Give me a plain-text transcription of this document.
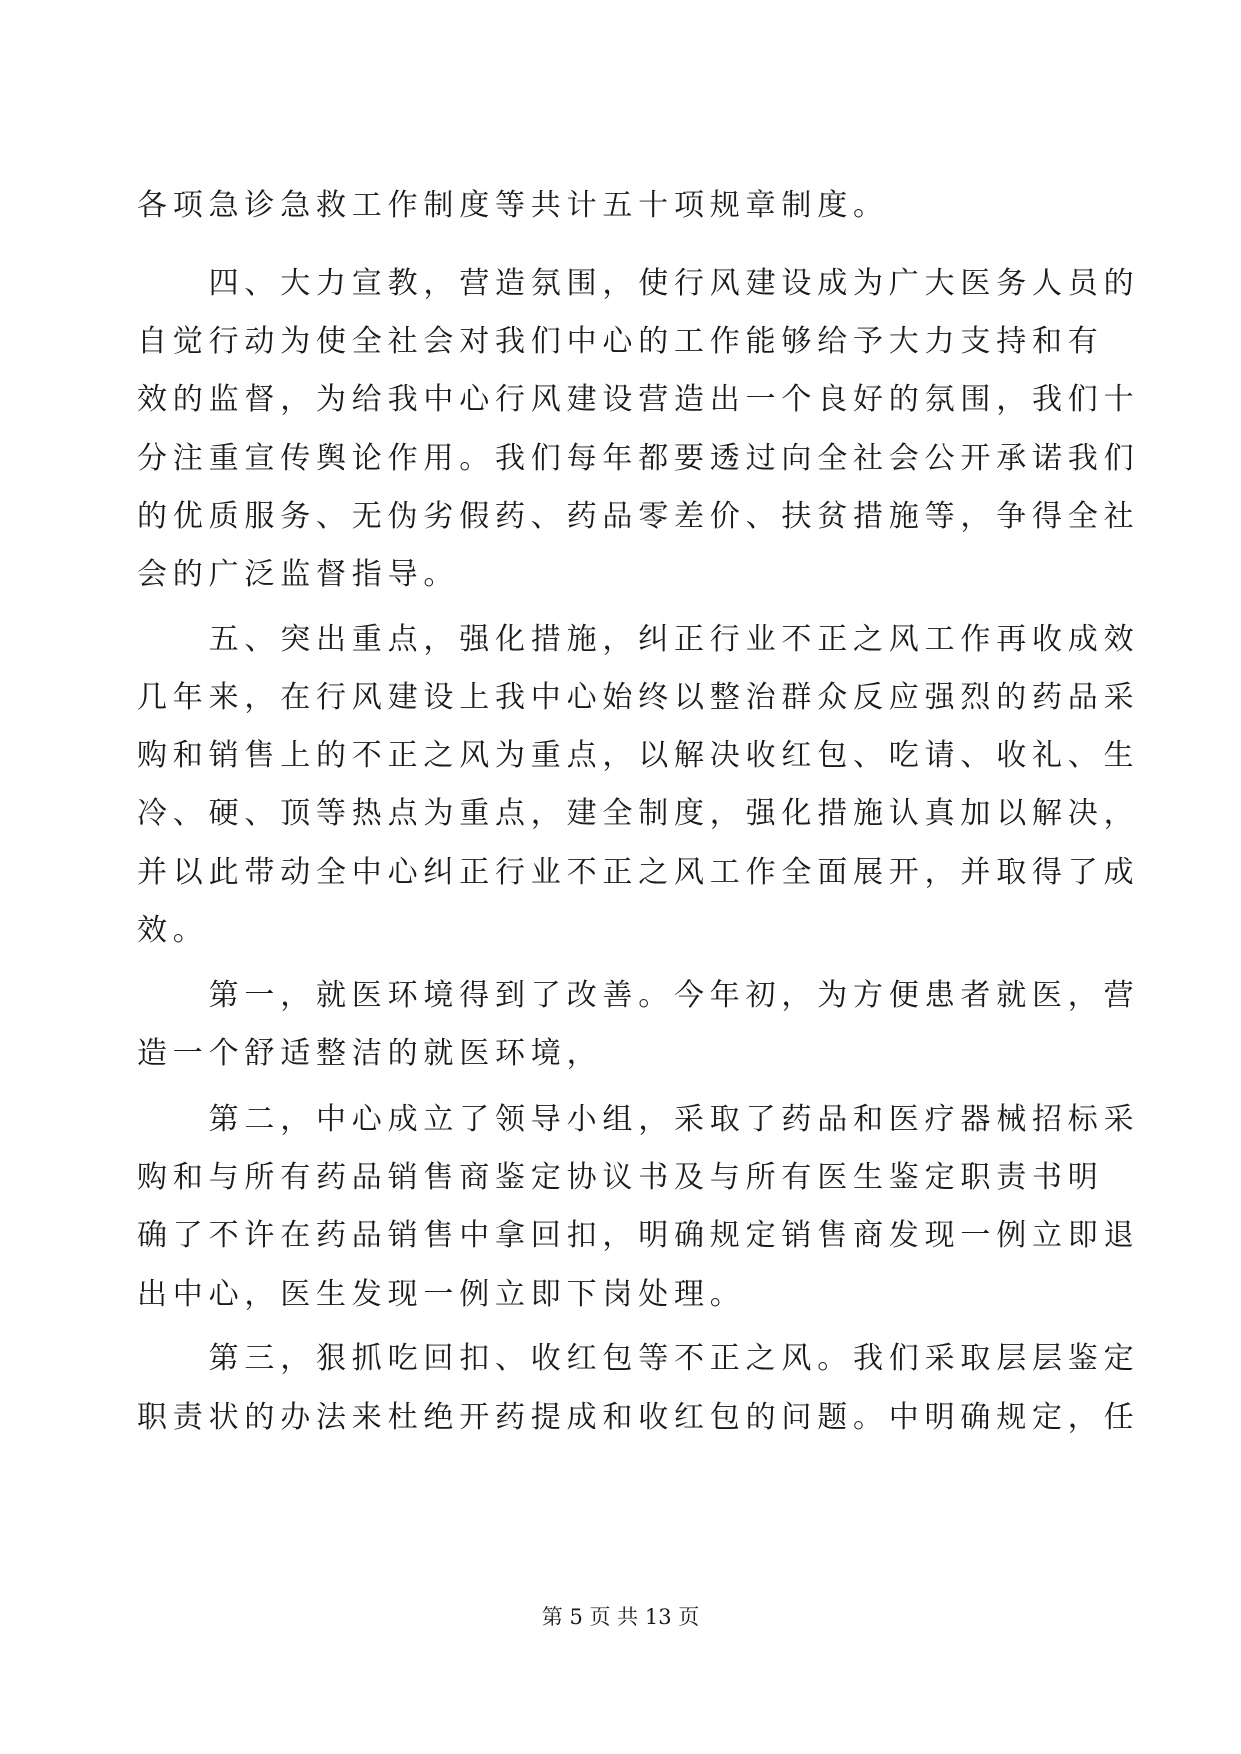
各项急诊急救工作制度等共计五十项规章制度。
　　四、大力宣教，营造氛围，使行风建设成为广大医务人员的
自觉行动为使全社会对我们中心的工作能够给予大力支持和有
效的监督，为给我中心行风建设营造出一个良好的氛围，我们十
分注重宣传舆论作用。我们每年都要透过向全社会公开承诺我们
的优质服务、无伪劣假药、药品零差价、扶贫措施等，争得全社
会的广泛监督指导。
　　五、突出重点，强化措施，纠正行业不正之风工作再收成效
几年来，在行风建设上我中心始终以整治群众反应强烈的药品采
购和销售上的不正之风为重点，以解决收红包、吃请、收礼、生
冷、硬、顶等热点为重点，建全制度，强化措施认真加以解决，
并以此带动全中心纠正行业不正之风工作全面展开，并取得了成
效。
　　第一，就医环境得到了改善。今年初，为方便患者就医，营
造一个舒适整洁的就医环境，
　　第二，中心成立了领导小组，采取了药品和医疗器械招标采
购和与所有药品销售商鉴定协议书及与所有医生鉴定职责书明
确了不许在药品销售中拿回扣，明确规定销售商发现一例立即退
出中心，医生发现一例立即下岗处理。
　　第三，狠抓吃回扣、收红包等不正之风。我们采取层层鉴定
职责状的办法来杜绝开药提成和收红包的问题。中明确规定，任
第 5 页 共 13 页
